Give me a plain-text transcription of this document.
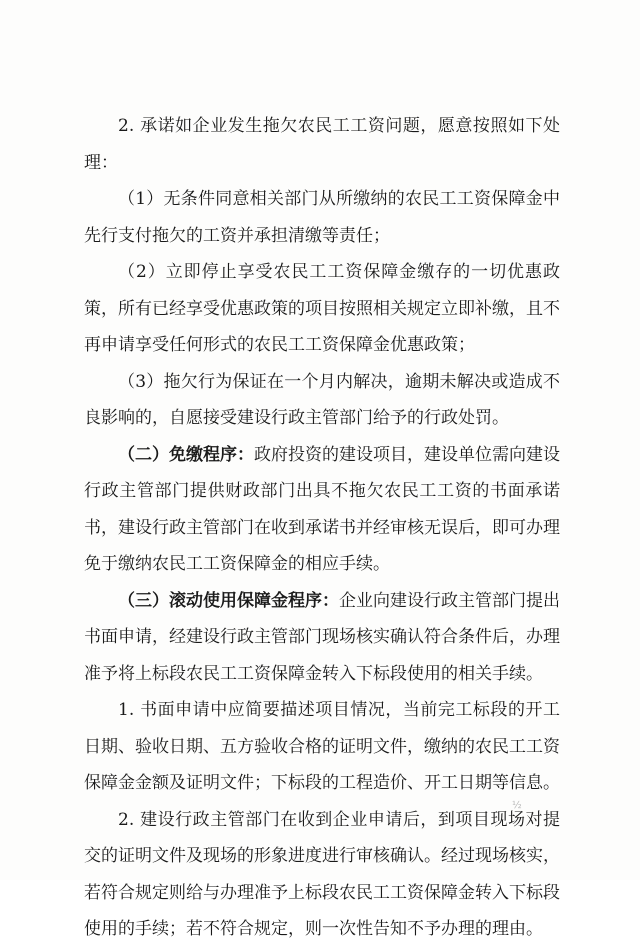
2. 承诺如企业发生拖欠农民工工资问题，愿意按照如下处理：

（1）无条件同意相关部门从所缴纳的农民工工资保障金中先行支付拖欠的工资并承担清缴等责任；

（2）立即停止享受农民工工资保障金缴存的一切优惠政策，所有已经享受优惠政策的项目按照相关规定立即补缴，且不再申请享受任何形式的农民工工资保障金优惠政策；

（3）拖欠行为保证在一个月内解决，逾期未解决或造成不良影响的，自愿接受建设行政主管部门给予的行政处罚。

（二）免缴程序：政府投资的建设项目，建设单位需向建设行政主管部门提供财政部门出具不拖欠农民工工资的书面承诺书，建设行政主管部门在收到承诺书并经审核无误后，即可办理免于缴纳农民工工资保障金的相应手续。

（三）滚动使用保障金程序：企业向建设行政主管部门提出书面申请，经建设行政主管部门现场核实确认符合条件后，办理准予将上标段农民工工资保障金转入下标段使用的相关手续。

1. 书面申请中应简要描述项目情况，当前完工标段的开工日期、验收日期、五方验收合格的证明文件，缴纳的农民工工资保障金金额及证明文件；下标段的工程造价、开工日期等信息。

2. 建设行政主管部门在收到企业申请后，到项目现场对提交的证明文件及现场的形象进度进行审核确认。经过现场核实，若符合规定则给与办理准予上标段农民工工资保障金转入下标段使用的手续；若不符合规定，则一次性告知不予办理的理由。

½
